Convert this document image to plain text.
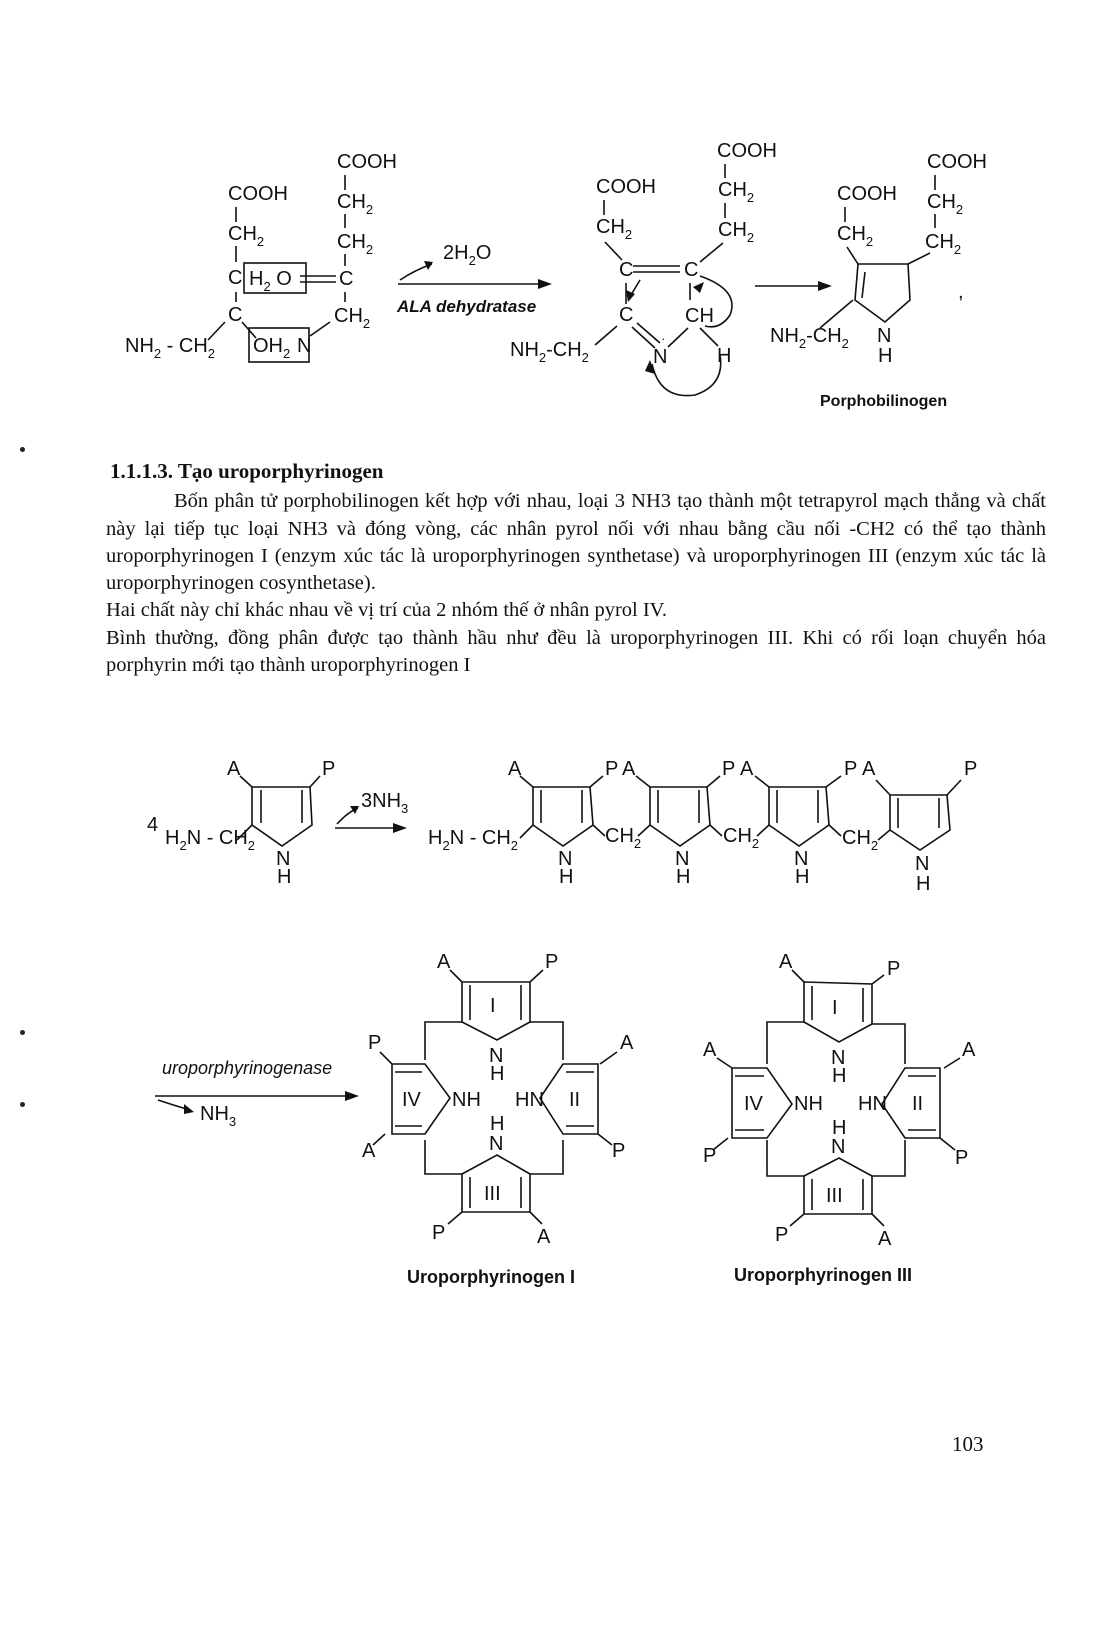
COOH
$CH_2$
$CH_2$
C
$CH_2$
COOH
$CH_2$
C $H_2$ O
C
$NH_2 - CH_2$ $OH_2$ N
$2H_2O$
ALA dehydratase
COOH
$CH_2$
$CH_2$
COOH
$CH_2$
C	C
C	CH
N
· ·
H
$NH_2-CH_2$
COOH
$CH_2$
COOH
$CH_2$	$CH_2$
$NH_2-CH_2$ N
H
Porphobilinogen
,
4
A	P
$H_2N - CH_2$
N
H
$3NH_3$
$H_2N - CH_2$
A	P
N
H
$CH_2$
A	P
N
H
$CH_2$
A	P
N
H
$CH_2$
A	P
N
H
uroporphyrinogenase
$NH_3$
A	P
I
N
H
P
A
IV NH
A
P
II
HN
H
N
III
P	A
Uroporphyrinogen I
A	P
I
N
H
A
P
IV NH
A
P
II
HN
H
N
III
P	A
Uroporphyrinogen III
1.1.1.3. Tạo uroporphyrinogen

Bốn phân tử porphobilinogen kết hợp với nhau, loại 3 NH3 tạo thành một tetrapyrol mạch thẳng và chất này lại tiếp tục loại NH3 và đóng vòng, các nhân pyrol nối với nhau bằng cầu nối -CH2 có thể tạo thành uroporphyrinogen I (enzym xúc tác là uroporphyrinogen synthetase) và uroporphyrinogen III (enzym xúc tác là uroporphyrinogen cosynthetase).

Hai chất này chỉ khác nhau về vị trí của 2 nhóm thế ở nhân pyrol IV.

Bình thường, đồng phân được tạo thành hầu như đều là uroporphyrinogen III. Khi có rối loạn chuyển hóa porphyrin mới tạo thành uroporphyrinogen I

103
